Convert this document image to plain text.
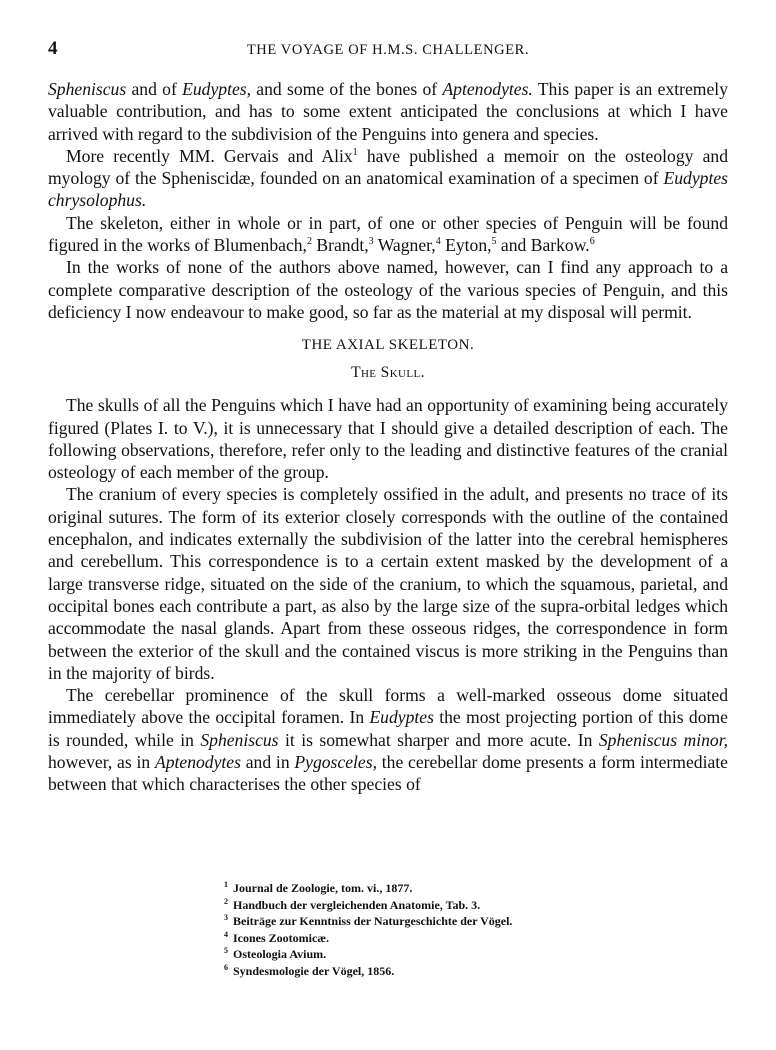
4	THE VOYAGE OF H.M.S. CHALLENGER.

Spheniscus and of Eudyptes, and some of the bones of Aptenodytes. This paper is an extremely valuable contribution, and has to some extent anticipated the conclusions at which I have arrived with regard to the subdivision of the Penguins into genera and species.

More recently MM. Gervais and Alix$^1$ have published a memoir on the osteology and myology of the Spheniscidæ, founded on an anatomical examination of a specimen of Eudyptes chrysolophus.

The skeleton, either in whole or in part, of one or other species of Penguin will be found figured in the works of Blumenbach,$^2$ Brandt,$^3$ Wagner,$^4$ Eyton,$^5$ and Barkow.$^6$

In the works of none of the authors above named, however, can I find any approach to a complete comparative description of the osteology of the various species of Penguin, and this deficiency I now endeavour to make good, so far as the material at my disposal will permit.

THE AXIAL SKELETON.
The Skull.

The skulls of all the Penguins which I have had an opportunity of examining being accurately figured (Plates I. to V.), it is unnecessary that I should give a detailed description of each. The following observations, therefore, refer only to the leading and distinctive features of the cranial osteology of each member of the group.

The cranium of every species is completely ossified in the adult, and presents no trace of its original sutures. The form of its exterior closely corresponds with the outline of the contained encephalon, and indicates externally the subdivision of the latter into the cerebral hemispheres and cerebellum. This correspondence is to a certain extent masked by the development of a large transverse ridge, situated on the side of the cranium, to which the squamous, parietal, and occipital bones each contribute a part, as also by the large size of the supra-orbital ledges which accommodate the nasal glands. Apart from these osseous ridges, the correspondence in form between the exterior of the skull and the contained viscus is more striking in the Penguins than in the majority of birds.

The cerebellar prominence of the skull forms a well-marked osseous dome situated immediately above the occipital foramen. In Eudyptes the most projecting portion of this dome is rounded, while in Spheniscus it is somewhat sharper and more acute. In Spheniscus minor, however, as in Aptenodytes and in Pygosceles, the cerebellar dome presents a form intermediate between that which characterises the other species of

$^1$ Journal de Zoologie, tom. vi., 1877.
$^2$ Handbuch der vergleichenden Anatomie, Tab. 3.
$^3$ Beiträge zur Kenntniss der Naturgeschichte der Vögel.
$^4$ Icones Zootomicæ.
$^5$ Osteologia Avium.
$^6$ Syndesmologie der Vögel, 1856.
